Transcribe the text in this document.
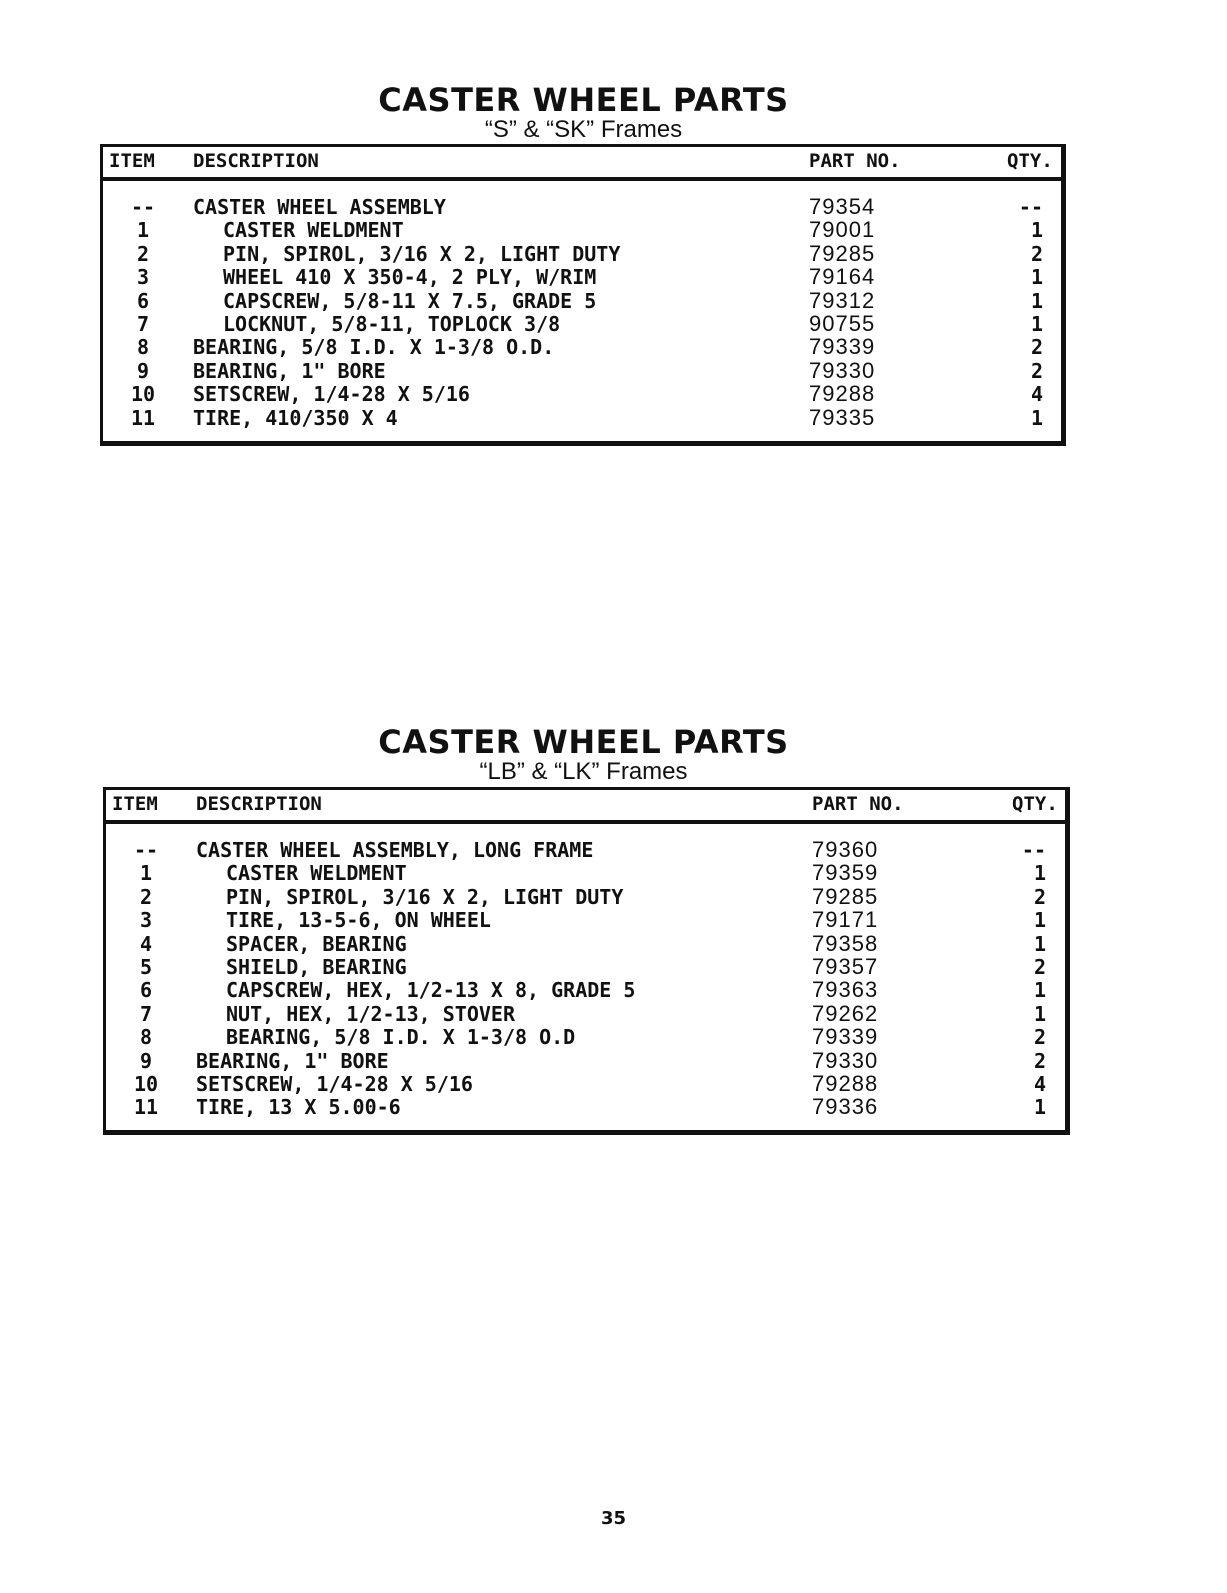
CASTER WHEEL PARTS
“S” & “SK” Frames
ITEM DESCRIPTION	PART NO.	QTY.
--	CASTER WHEEL ASSEMBLY	79354	--
1	CASTER WELDMENT	79001	1
2	PIN, SPIROL, 3/16 X 2, LIGHT DUTY	79285	2
3	WHEEL 410 X 350-4, 2 PLY, W/RIM	79164	1
6	CAPSCREW, 5/8-11 X 7.5, GRADE 5	79312	1
7	LOCKNUT, 5/8-11, TOPLOCK 3/8	90755	1
8	BEARING, 5/8 I.D. X 1-3/8 O.D.	79339	2
9	BEARING, 1" BORE	79330	2
10	SETSCREW, 1/4-28 X 5/16	79288	4
11	TIRE, 410/350 X 4	79335	1
CASTER WHEEL PARTS
“LB” & “LK” Frames
ITEM DESCRIPTION	PART NO.	QTY.
--	CASTER WHEEL ASSEMBLY, LONG FRAME	79360	--
1	CASTER WELDMENT	79359	1
2	PIN, SPIROL, 3/16 X 2, LIGHT DUTY	79285	2
3	TIRE, 13-5-6, ON WHEEL	79171	1
4	SPACER, BEARING	79358	1
5	SHIELD, BEARING	79357	2
6	CAPSCREW, HEX, 1/2-13 X 8, GRADE 5	79363	1
7	NUT, HEX, 1/2-13, STOVER	79262	1
8	BEARING, 5/8 I.D. X 1-3/8 O.D	79339	2
9	BEARING, 1" BORE	79330	2
10	SETSCREW, 1/4-28 X 5/16	79288	4
11	TIRE, 13 X 5.00-6	79336	1
35
